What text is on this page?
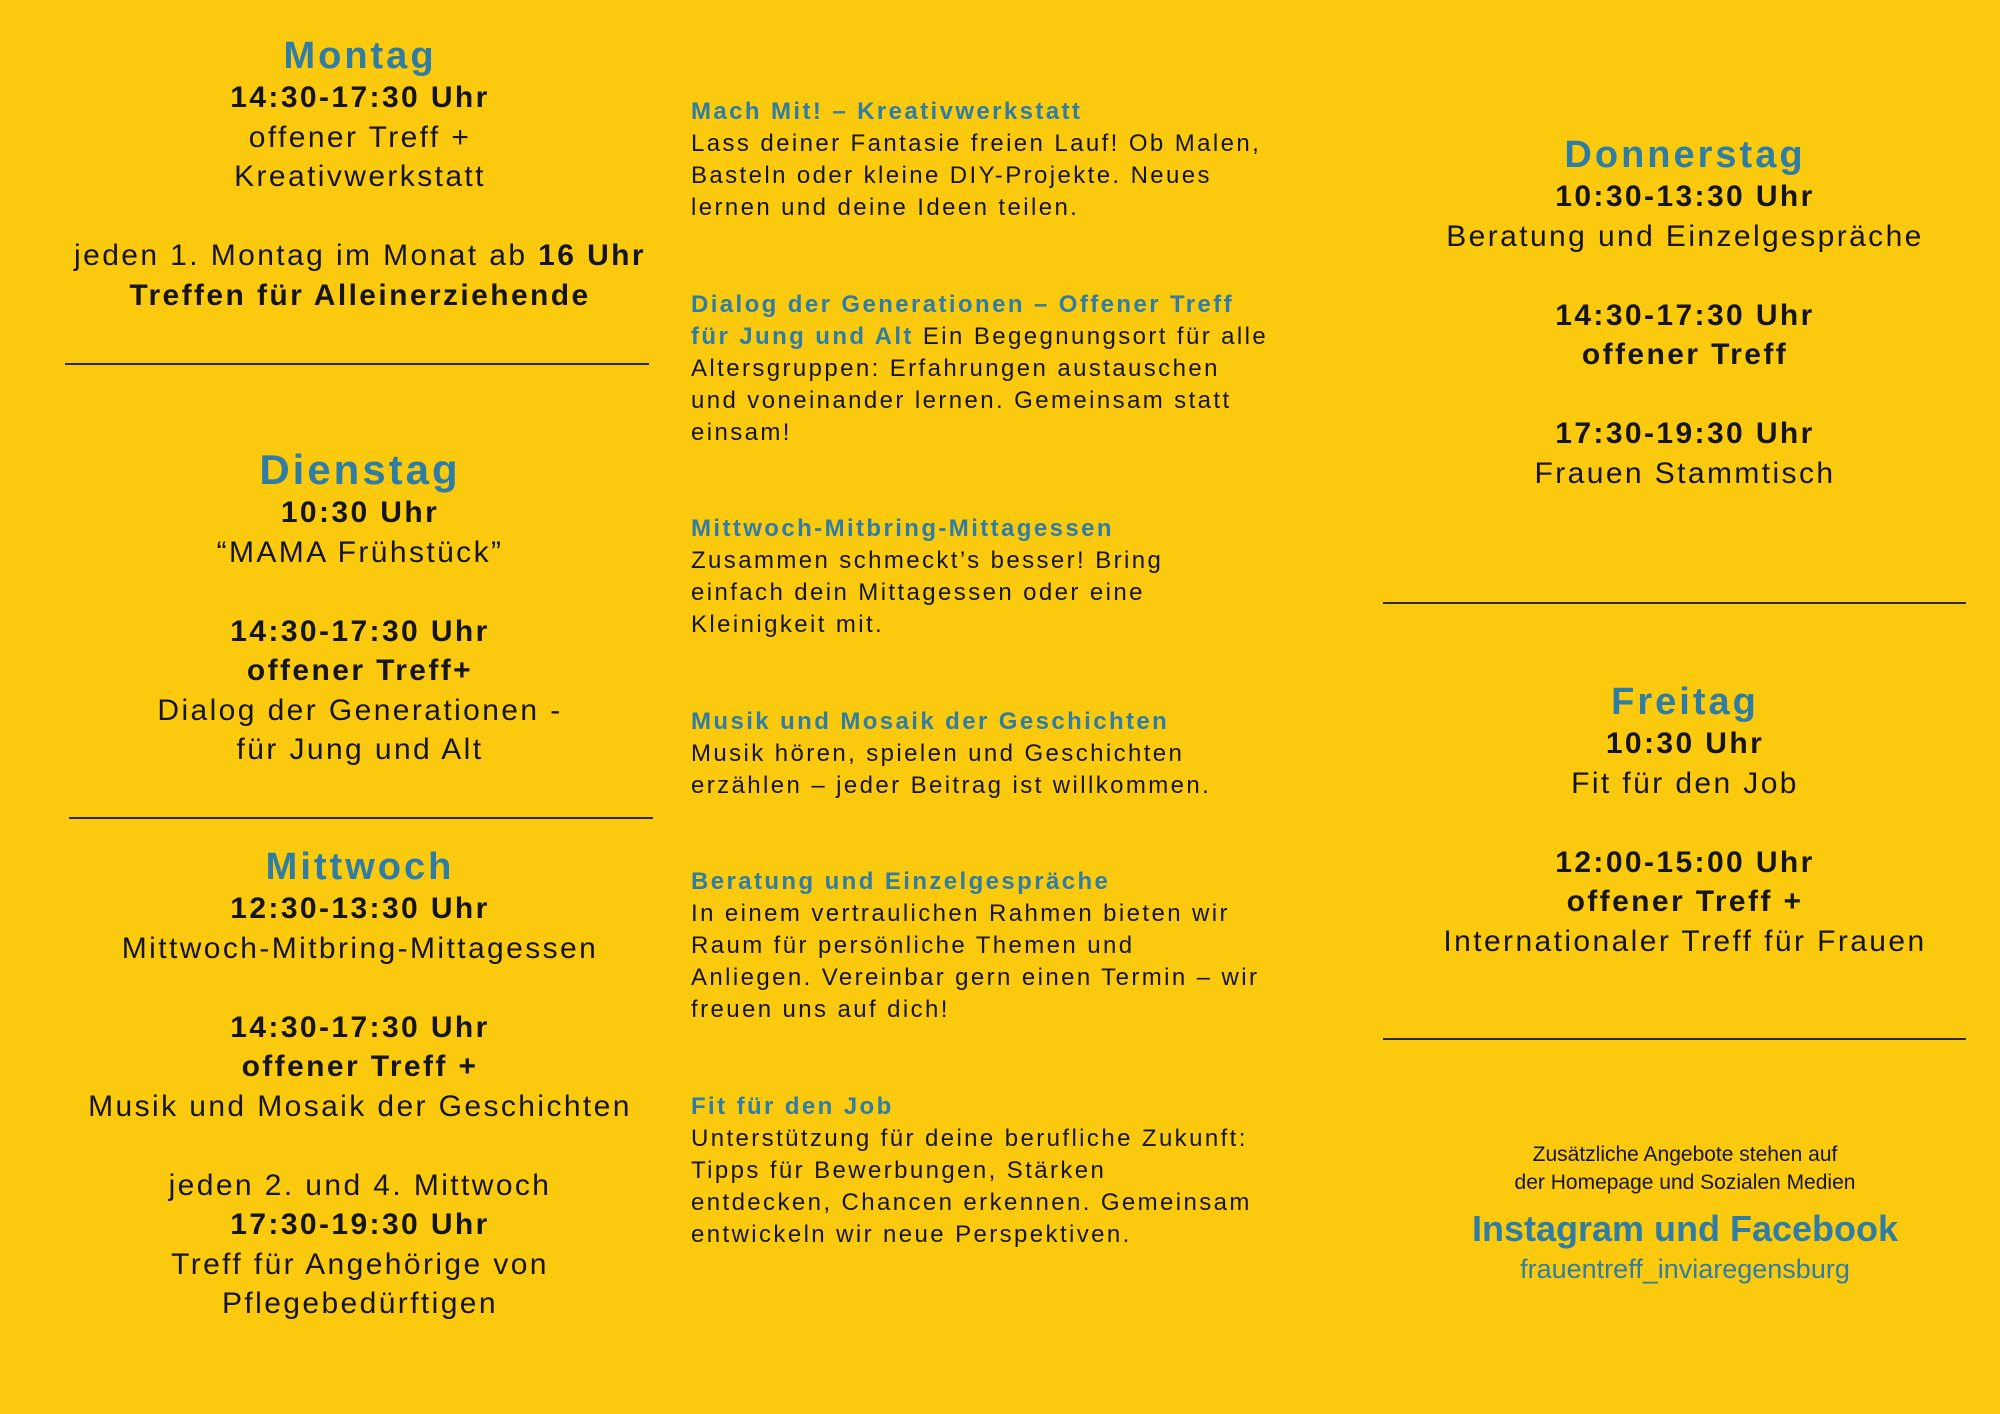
Montag
14:30-17:30 Uhr
offener Treff +
Kreativwerkstatt
jeden 1. Montag im Monat ab 16 Uhr
Treffen für Alleinerziehende
Dienstag
10:30 Uhr
“MAMA Frühstück”
14:30-17:30 Uhr
offener Treff+
Dialog der Generationen -
für Jung und Alt
Mittwoch
12:30-13:30 Uhr
Mittwoch-Mitbring-Mittagessen
14:30-17:30 Uhr
offener Treff +
Musik und Mosaik der Geschichten
jeden 2. und 4. Mittwoch
17:30-19:30 Uhr
Treff für Angehörige von
Pflegebedürftigen
Mach Mit! – Kreativwerkstatt
Lass deiner Fantasie freien Lauf! Ob Malen,
Basteln oder kleine DIY-Projekte. Neues
lernen und deine Ideen teilen.
Dialog der Generationen – Offener Treff
für Jung und Alt Ein Begegnungsort für alle
Altersgruppen: Erfahrungen austauschen
und voneinander lernen. Gemeinsam statt
einsam!
Mittwoch-Mitbring-Mittagessen
Zusammen schmeckt’s besser! Bring
einfach dein Mittagessen oder eine
Kleinigkeit mit.
Musik und Mosaik der Geschichten
Musik hören, spielen und Geschichten
erzählen – jeder Beitrag ist willkommen.
Beratung und Einzelgespräche
In einem vertraulichen Rahmen bieten wir
Raum für persönliche Themen und
Anliegen. Vereinbar gern einen Termin – wir
freuen uns auf dich!
Fit für den Job
Unterstützung für deine berufliche Zukunft:
Tipps für Bewerbungen, Stärken
entdecken, Chancen erkennen. Gemeinsam
entwickeln wir neue Perspektiven.
Donnerstag
10:30-13:30 Uhr
Beratung und Einzelgespräche
14:30-17:30 Uhr
offener Treff
17:30-19:30 Uhr
Frauen Stammtisch
Freitag
10:30 Uhr
Fit für den Job
12:00-15:00 Uhr
offener Treff +
Internationaler Treff für Frauen
Zusätzliche Angebote stehen auf
der Homepage und Sozialen Medien
Instagram und Facebook
frauentreff_inviaregensburg
